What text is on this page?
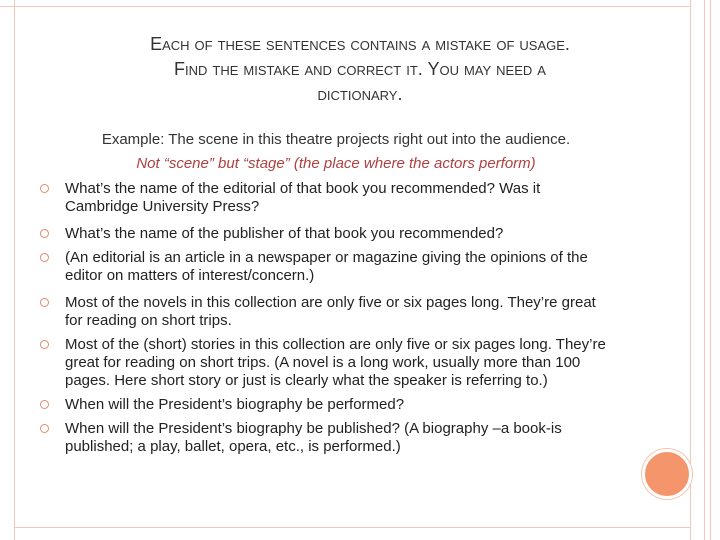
Each of these sentences contains a mistake of usage.
Find the mistake and correct it. You may need a
dictionary.
Example: The scene in this theatre projects right out into the audience.
Not “scene” but “stage” (the place where the actors perform)
What’s the name of the editorial of that book you recommended? Was it Cambridge University Press?
What’s the name of the publisher of that book you recommended?
(An editorial is an article in a newspaper or magazine giving the opinions of the editor on matters of interest/concern.)
Most of the novels in this collection are only five or six pages long. They’re great for reading on short trips.
Most of the (short) stories in this collection are only five or six pages long. They’re great for reading on short trips. (A novel is a long work, usually more than 100 pages. Here short story or just is clearly what the speaker is referring to.)
When will the President’s biography be performed?
When will the President’s biography be published? (A biography –a book-is published; a play, ballet, opera, etc., is performed.)
